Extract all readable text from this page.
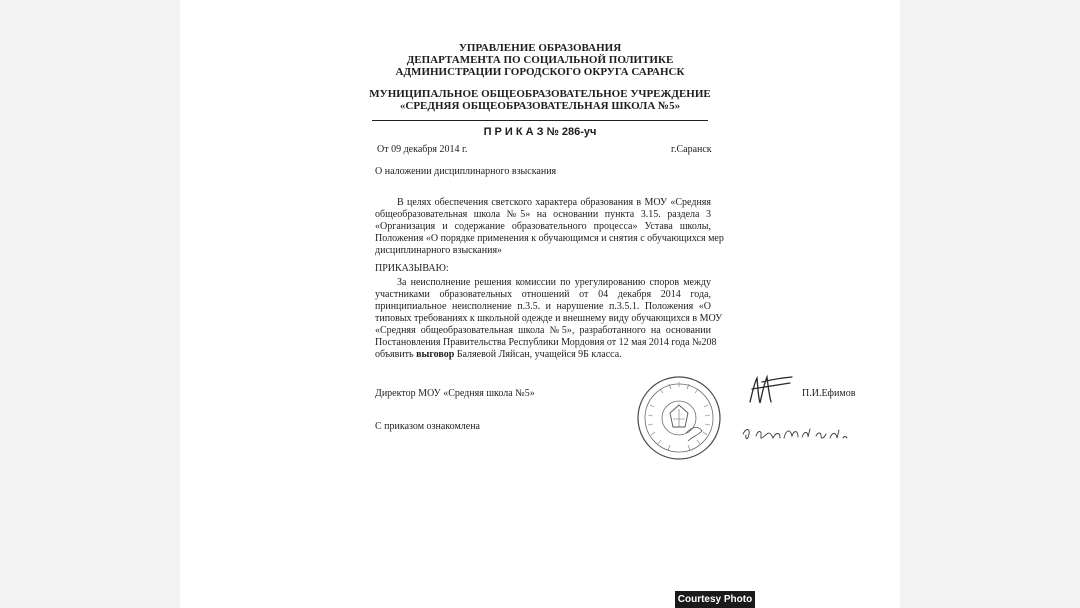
УПРАВЛЕНИЕ ОБРАЗОВАНИЯ
ДЕПАРТАМЕНТА ПО СОЦИАЛЬНОЙ ПОЛИТИКЕ
АДМИНИСТРАЦИИ ГОРОДСКОГО ОКРУГА САРАНСК
МУНИЦИПАЛЬНОЕ ОБЩЕОБРАЗОВАТЕЛЬНОЕ УЧРЕЖДЕНИЕ
«СРЕДНЯЯ ОБЩЕОБРАЗОВАТЕЛЬНАЯ ШКОЛА №5»
П Р И К А З № 286-уч
От 09 декабря 2014 г.	г.Саранск
О наложении дисциплинарного взыскания
В целях обеспечения светского характера образования в МОУ «Средняя
общеобразовательная школа №5» на основании пункта 3.15. раздела 3
«Организация и содержание образовательного процесса» Устава школы,
Положения «О порядке применения к обучающимся и снятия с обучающихся мер
дисциплинарного взыскания»
ПРИКАЗЫВАЮ:
За неисполнение решения комиссии по урегулированию споров между
участниками образовательных отношений от 04 декабря 2014 года,
принципиальное неисполнение п.3.5. и нарушение п.3.5.1. Положения «О
типовых требованиях к школьной одежде и внешнему виду обучающихся в МОУ
«Средняя общеобразовательная школа №5», разработанного на основании
Постановления Правительства Республики Мордовия от 12 мая 2014 года №208
объявить выговор Баляевой Ляйсан, учащейся 9Б класса.
Директор МОУ «Средняя школа №5»	П.И.Ефимов
С приказом ознакомлена
Courtesy Photo
